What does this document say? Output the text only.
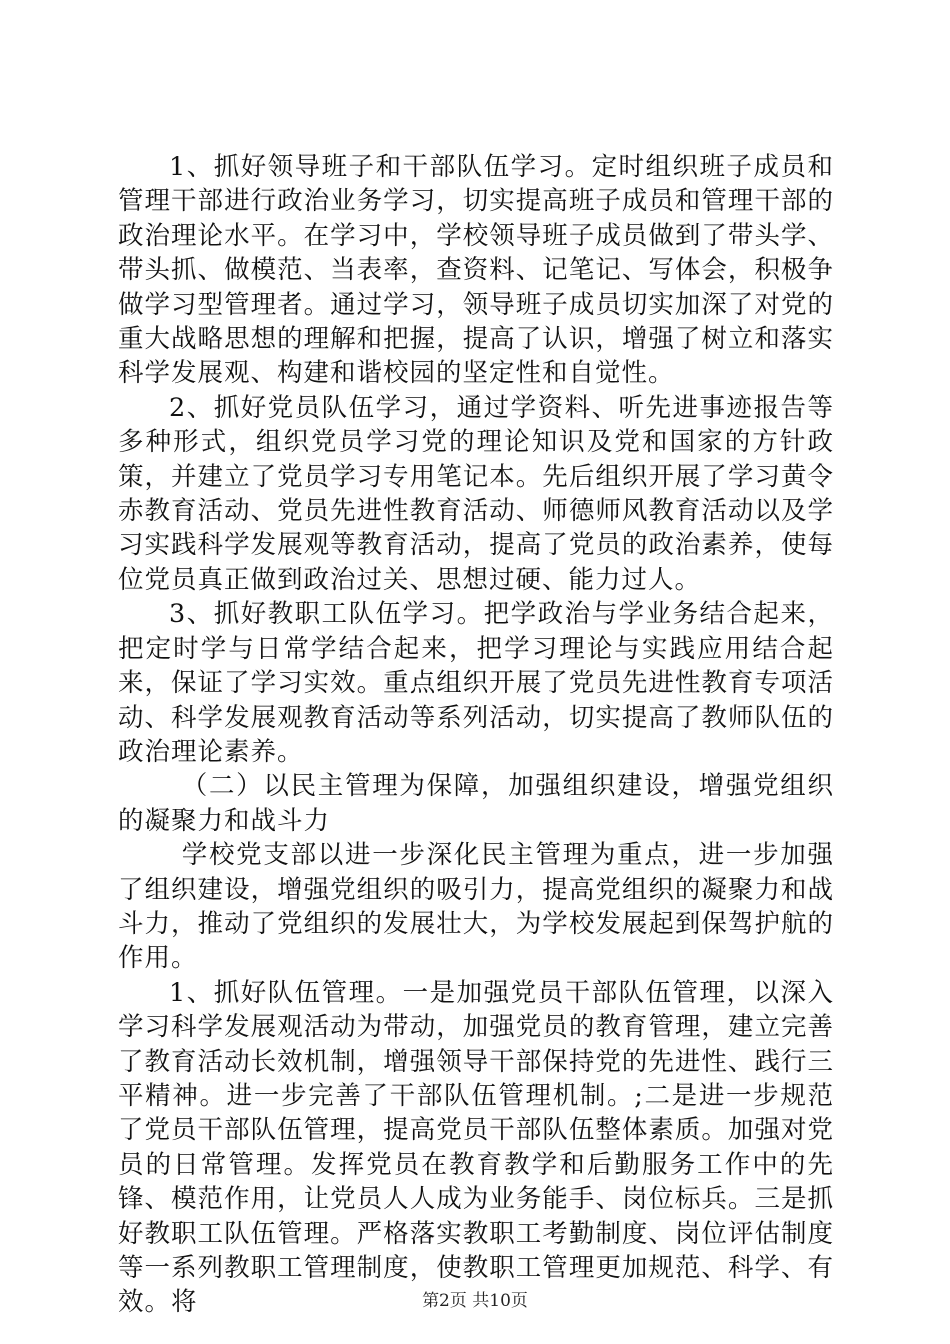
1、抓好领导班子和干部队伍学习。定时组织班子成员和管理干部进行政治业务学习，切实提高班子成员和管理干部的政治理论水平。在学习中，学校领导班子成员做到了带头学、带头抓、做模范、当表率，查资料、记笔记、写体会，积极争做学习型管理者。通过学习，领导班子成员切实加深了对党的重大战略思想的理解和把握，提高了认识，增强了树立和落实科学发展观、构建和谐校园的坚定性和自觉性。

2、抓好党员队伍学习，通过学资料、听先进事迹报告等多种形式，组织党员学习党的理论知识及党和国家的方针政策，并建立了党员学习专用笔记本。先后组织开展了学习黄令赤教育活动、党员先进性教育活动、师德师风教育活动以及学习实践科学发展观等教育活动，提高了党员的政治素养，使每位党员真正做到政治过关、思想过硬、能力过人。

3、抓好教职工队伍学习。把学政治与学业务结合起来，把定时学与日常学结合起来，把学习理论与实践应用结合起来，保证了学习实效。重点组织开展了党员先进性教育专项活动、科学发展观教育活动等系列活动，切实提高了教师队伍的政治理论素养。

（二）以民主管理为保障，加强组织建设，增强党组织的凝聚力和战斗力

学校党支部以进一步深化民主管理为重点，进一步加强了组织建设，增强党组织的吸引力，提高党组织的凝聚力和战斗力，推动了党组织的发展壮大，为学校发展起到保驾护航的作用。

1、抓好队伍管理。一是加强党员干部队伍管理，以深入学习科学发展观活动为带动，加强党员的教育管理，建立完善了教育活动长效机制，增强领导干部保持党的先进性、践行三平精神。进一步完善了干部队伍管理机制。;二是进一步规范了党员干部队伍管理，提高党员干部队伍整体素质。加强对党员的日常管理。发挥党员在教育教学和后勤服务工作中的先锋、模范作用，让党员人人成为业务能手、岗位标兵。三是抓好教职工队伍管理。严格落实教职工考勤制度、岗位评估制度等一系列教职工管理制度，使教职工管理更加规范、科学、有效。将	第2页 共10页
